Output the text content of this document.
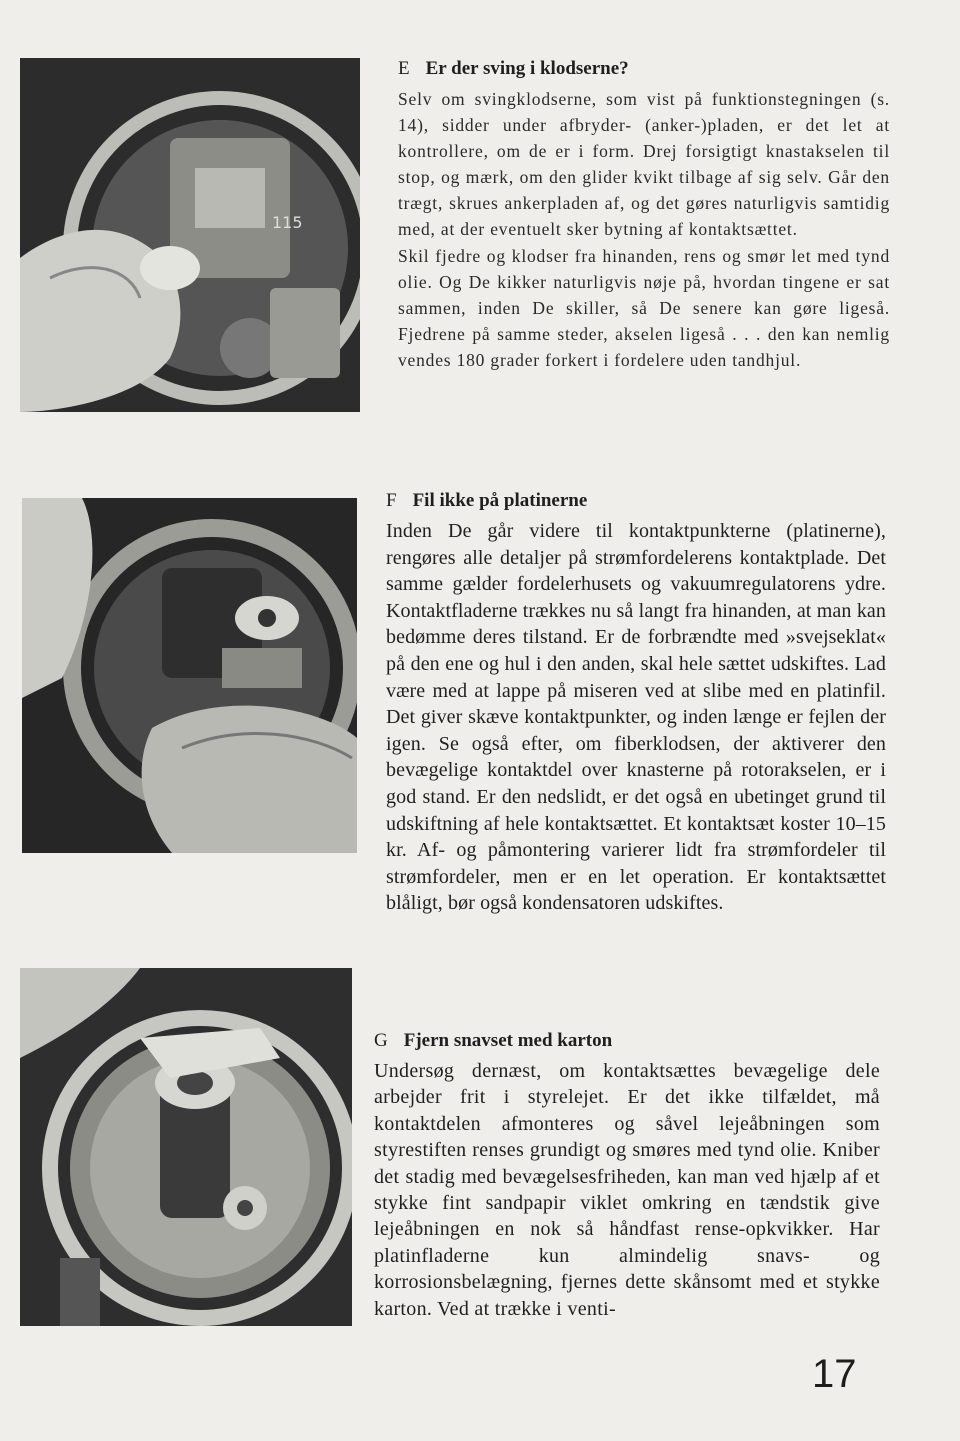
115
E Er der sving i klodserne?

Selv om svingklodserne, som vist på funktionstegningen (s. 14), sidder under afbryder- (anker-)pladen, er det let at kontrollere, om de er i form. Drej forsigtigt knastakselen til stop, og mærk, om den glider kvikt tilbage af sig selv. Går den trægt, skrues ankerpladen af, og det gøres naturligvis samtidig med, at der eventuelt sker bytning af kontaktsættet.

Skil fjedre og klodser fra hinanden, rens og smør let med tynd olie. Og De kikker naturligvis nøje på, hvordan tingene er sat sammen, inden De skiller, så De senere kan gøre ligeså. Fjedrene på samme steder, akselen ligeså . . . den kan nemlig vendes 180 grader forkert i fordelere uden tandhjul.

F Fil ikke på platinerne

Inden De går videre til kontaktpunkterne (platinerne), rengøres alle detaljer på strømfordelerens kontaktplade. Det samme gælder fordelerhusets og vakuumregulatorens ydre. Kontaktfladerne trækkes nu så langt fra hinanden, at man kan bedømme deres tilstand. Er de forbrændte med »svejseklat« på den ene og hul i den anden, skal hele sættet udskiftes. Lad være med at lappe på miseren ved at slibe med en platinfil. Det giver skæve kontaktpunkter, og inden længe er fejlen der igen. Se også efter, om fiberklodsen, der aktiverer den bevægelige kontaktdel over knasterne på rotorakselen, er i god stand. Er den nedslidt, er det også en ubetinget grund til udskiftning af hele kontaktsættet. Et kontaktsæt koster 10–15 kr. Af- og påmontering varierer lidt fra strømfordeler til strømfordeler, men er en let operation. Er kontaktsættet blåligt, bør også kondensatoren udskiftes.

G Fjern snavset med karton

Undersøg dernæst, om kontaktsættes bevægelige dele arbejder frit i styrelejet. Er det ikke tilfældet, må kontaktdelen afmonteres og såvel lejeåbningen som styrestiften renses grundigt og smøres med tynd olie. Kniber det stadig med bevægelsesfriheden, kan man ved hjælp af et stykke fint sandpapir viklet omkring en tændstik give lejeåbningen en nok så håndfast rense-opkvikker. Har platinfladerne kun almindelig snavs- og korrosionsbelægning, fjernes dette skånsomt med et stykke karton. Ved at trække i venti-

17
